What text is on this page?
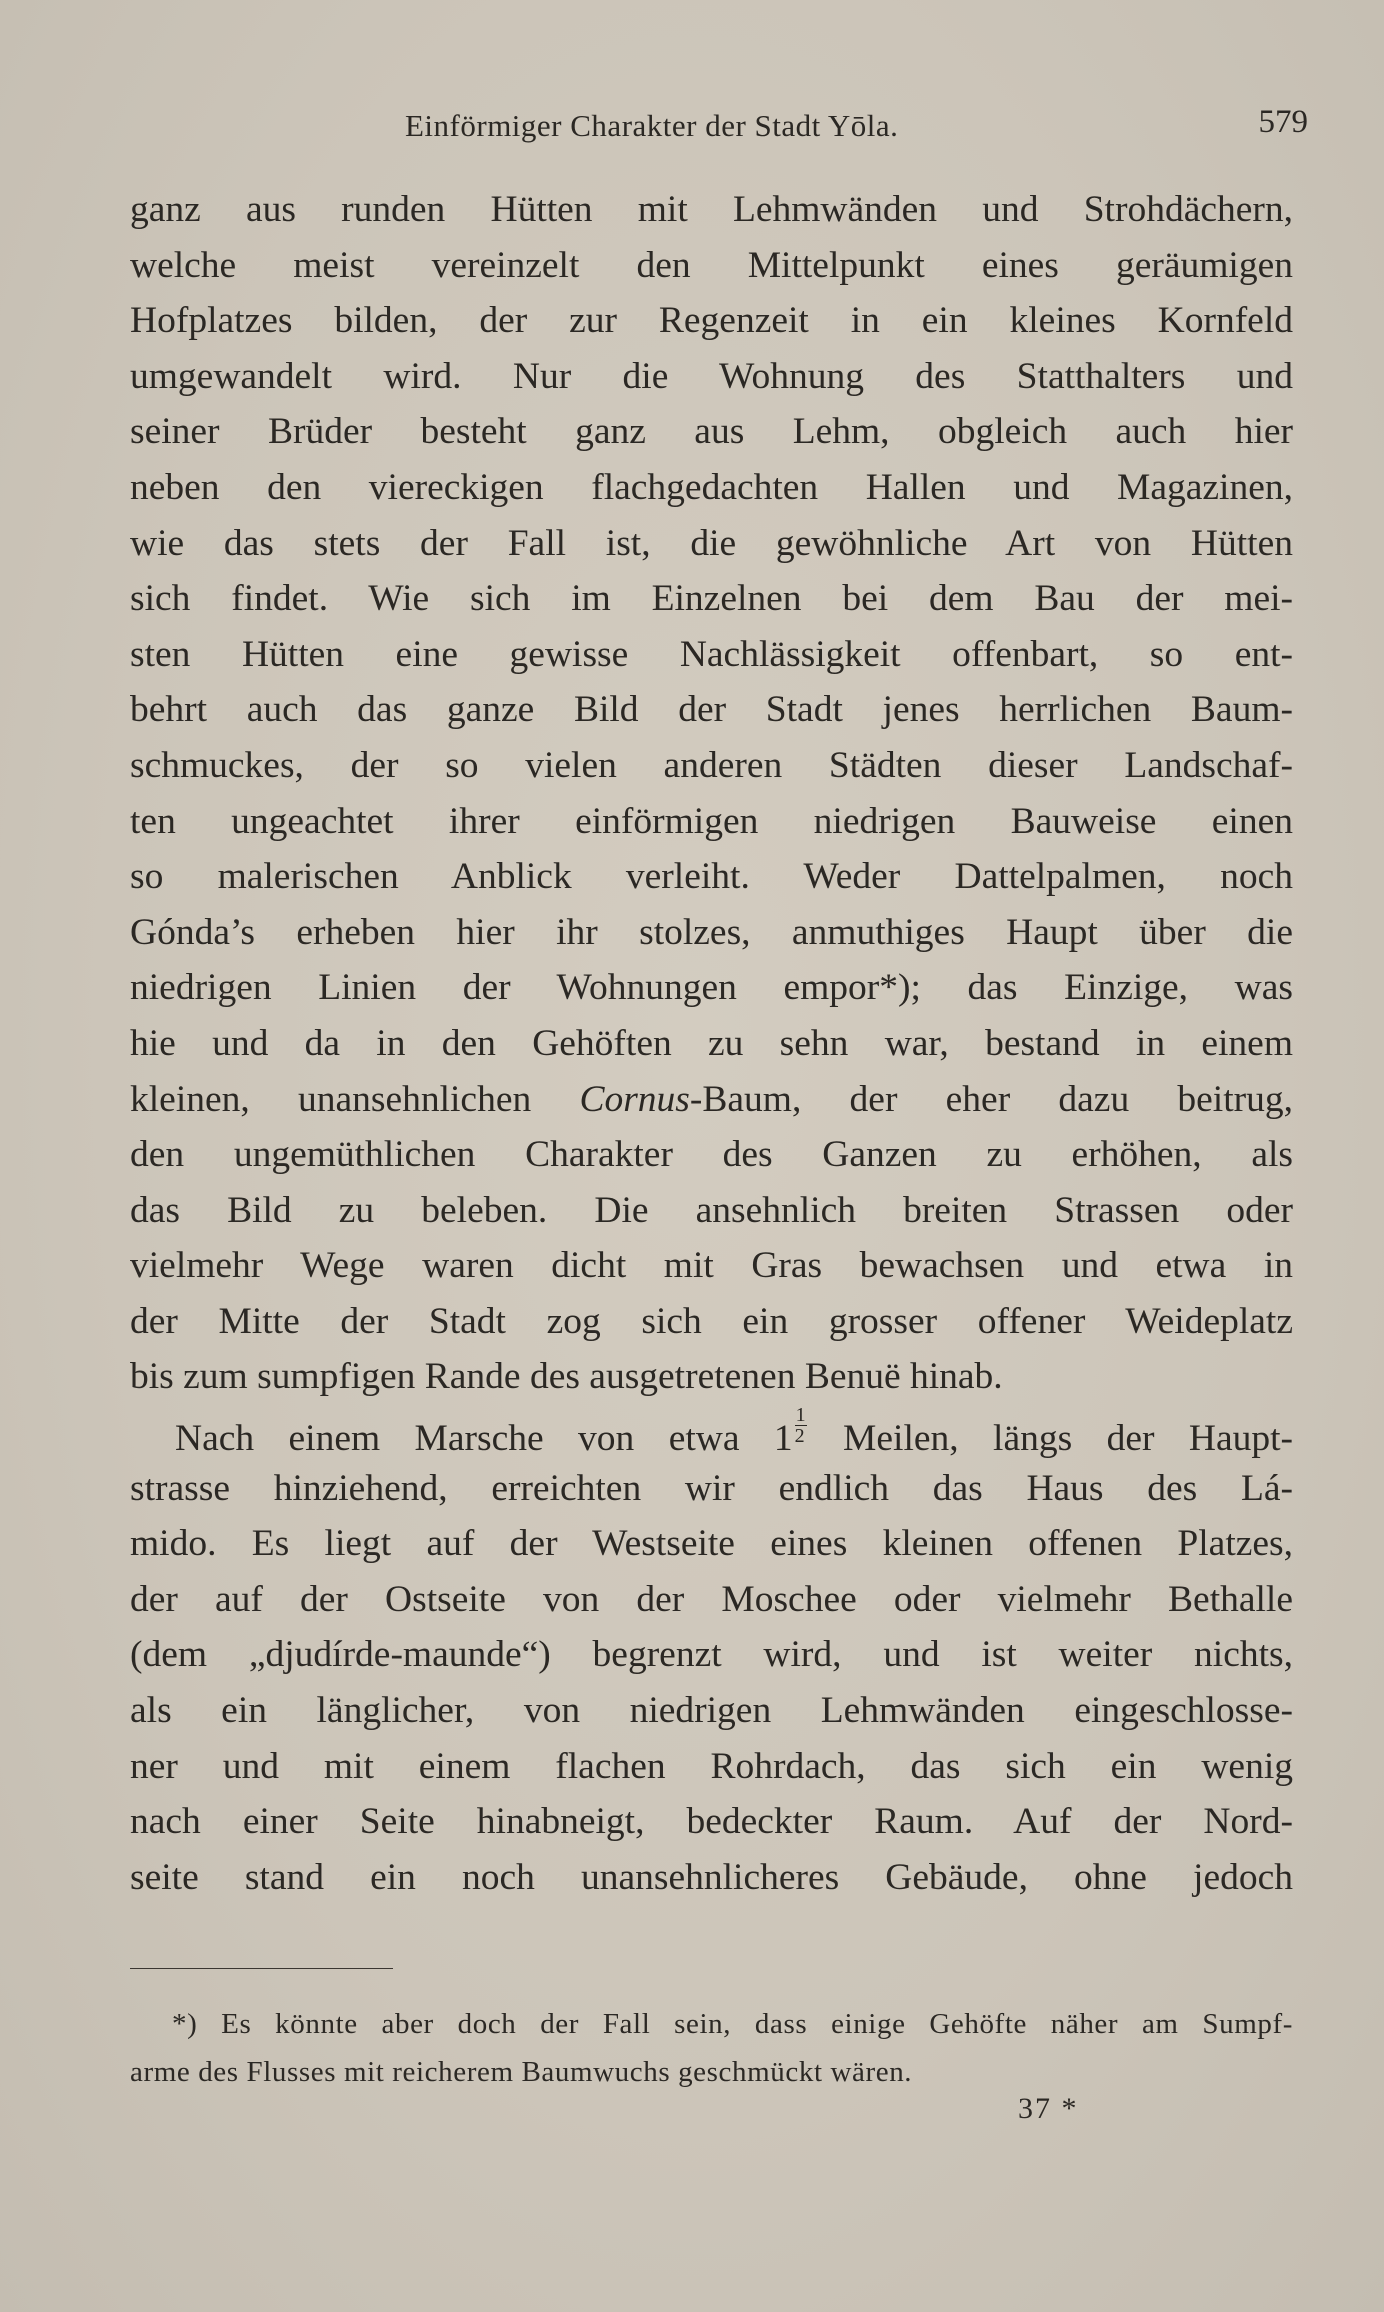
Einförmiger Charakter der Stadt Yōla.	579
ganz aus runden Hütten mit Lehmwänden und Strohdächern,
welche meist vereinzelt den Mittelpunkt eines geräumigen
Hofplatzes bilden, der zur Regenzeit in ein kleines Kornfeld
umgewandelt wird. Nur die Wohnung des Statthalters und
seiner Brüder besteht ganz aus Lehm, obgleich auch hier
neben den viereckigen flachgedachten Hallen und Magazinen,
wie das stets der Fall ist, die gewöhnliche Art von Hütten
sich findet. Wie sich im Einzelnen bei dem Bau der mei-
sten Hütten eine gewisse Nachlässigkeit offenbart, so ent-
behrt auch das ganze Bild der Stadt jenes herrlichen Baum-
schmuckes, der so vielen anderen Städten dieser Landschaf-
ten ungeachtet ihrer einförmigen niedrigen Bauweise einen
so malerischen Anblick verleiht. Weder Dattelpalmen, noch
Gónda’s erheben hier ihr stolzes, anmuthiges Haupt über die
niedrigen Linien der Wohnungen empor*); das Einzige, was
hie und da in den Gehöften zu sehn war, bestand in einem
kleinen, unansehnlichen Cornus-Baum, der eher dazu beitrug,
den ungemüthlichen Charakter des Ganzen zu erhöhen, als
das Bild zu beleben. Die ansehnlich breiten Strassen oder
vielmehr Wege waren dicht mit Gras bewachsen und etwa in
der Mitte der Stadt zog sich ein grosser offener Weideplatz
bis zum sumpfigen Rande des ausgetretenen Benuë hinab.
Nach einem Marsche von etwa $1 \frac{1}{2}$ Meilen, längs der Haupt-
strasse hinziehend, erreichten wir endlich das Haus des Lá-
mido. Es liegt auf der Westseite eines kleinen offenen Platzes,
der auf der Ostseite von der Moschee oder vielmehr Bethalle
(dem „djudírde-maunde“) begrenzt wird, und ist weiter nichts,
als ein länglicher, von niedrigen Lehmwänden eingeschlosse-
ner und mit einem flachen Rohrdach, das sich ein wenig
nach einer Seite hinabneigt, bedeckter Raum. Auf der Nord-
seite stand ein noch unansehnlicheres Gebäude, ohne jedoch
*) Es könnte aber doch der Fall sein, dass einige Gehöfte näher am Sumpf-
arme des Flusses mit reicherem Baumwuchs geschmückt wären.
37 *
